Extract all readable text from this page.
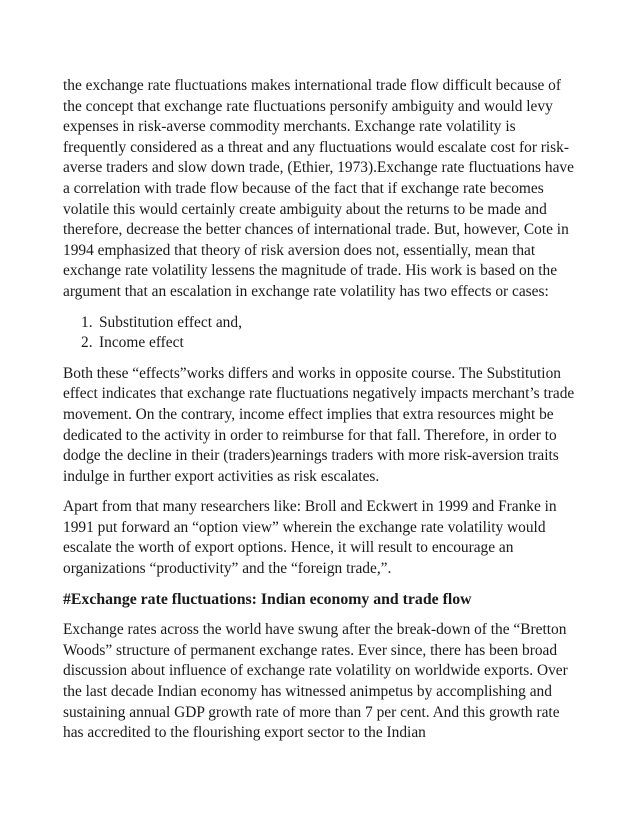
the exchange rate fluctuations makes international trade flow difficult because of the concept that exchange rate fluctuations personify ambiguity and would levy expenses in risk-averse commodity merchants. Exchange rate volatility is frequently considered as a threat and any fluctuations would escalate cost for risk-averse traders and slow down trade, (Ethier, 1973).Exchange rate fluctuations have a correlation with trade flow because of the fact that if exchange rate becomes volatile this would certainly create ambiguity about the returns to be made and therefore, decrease the better chances of international trade. But, however, Cote in 1994 emphasized that theory of risk aversion does not, essentially, mean that exchange rate volatility lessens the magnitude of trade. His work is based on the argument that an escalation in exchange rate volatility has two effects or cases:

1. Substitution effect and,
2. Income effect

Both these “effects”works differs and works in opposite course. The Substitution effect indicates that exchange rate fluctuations negatively impacts merchant’s trade movement. On the contrary, income effect implies that extra resources might be dedicated to the activity in order to reimburse for that fall. Therefore, in order to dodge the decline in their (traders)earnings traders with more risk-aversion traits indulge in further export activities as risk escalates.

Apart from that many researchers like: Broll and Eckwert in 1999 and Franke in 1991 put forward an “option view” wherein the exchange rate volatility would escalate the worth of export options. Hence, it will result to encourage an organizations “productivity” and the “foreign trade,”.

#Exchange rate fluctuations: Indian economy and trade flow

Exchange rates across the world have swung after the break-down of the “Bretton Woods” structure of permanent exchange rates. Ever since, there has been broad discussion about influence of exchange rate volatility on worldwide exports. Over the last decade Indian economy has witnessed animpetus by accomplishing and sustaining annual GDP growth rate of more than 7 per cent. And this growth rate has accredited to the flourishing export sector to the Indian
